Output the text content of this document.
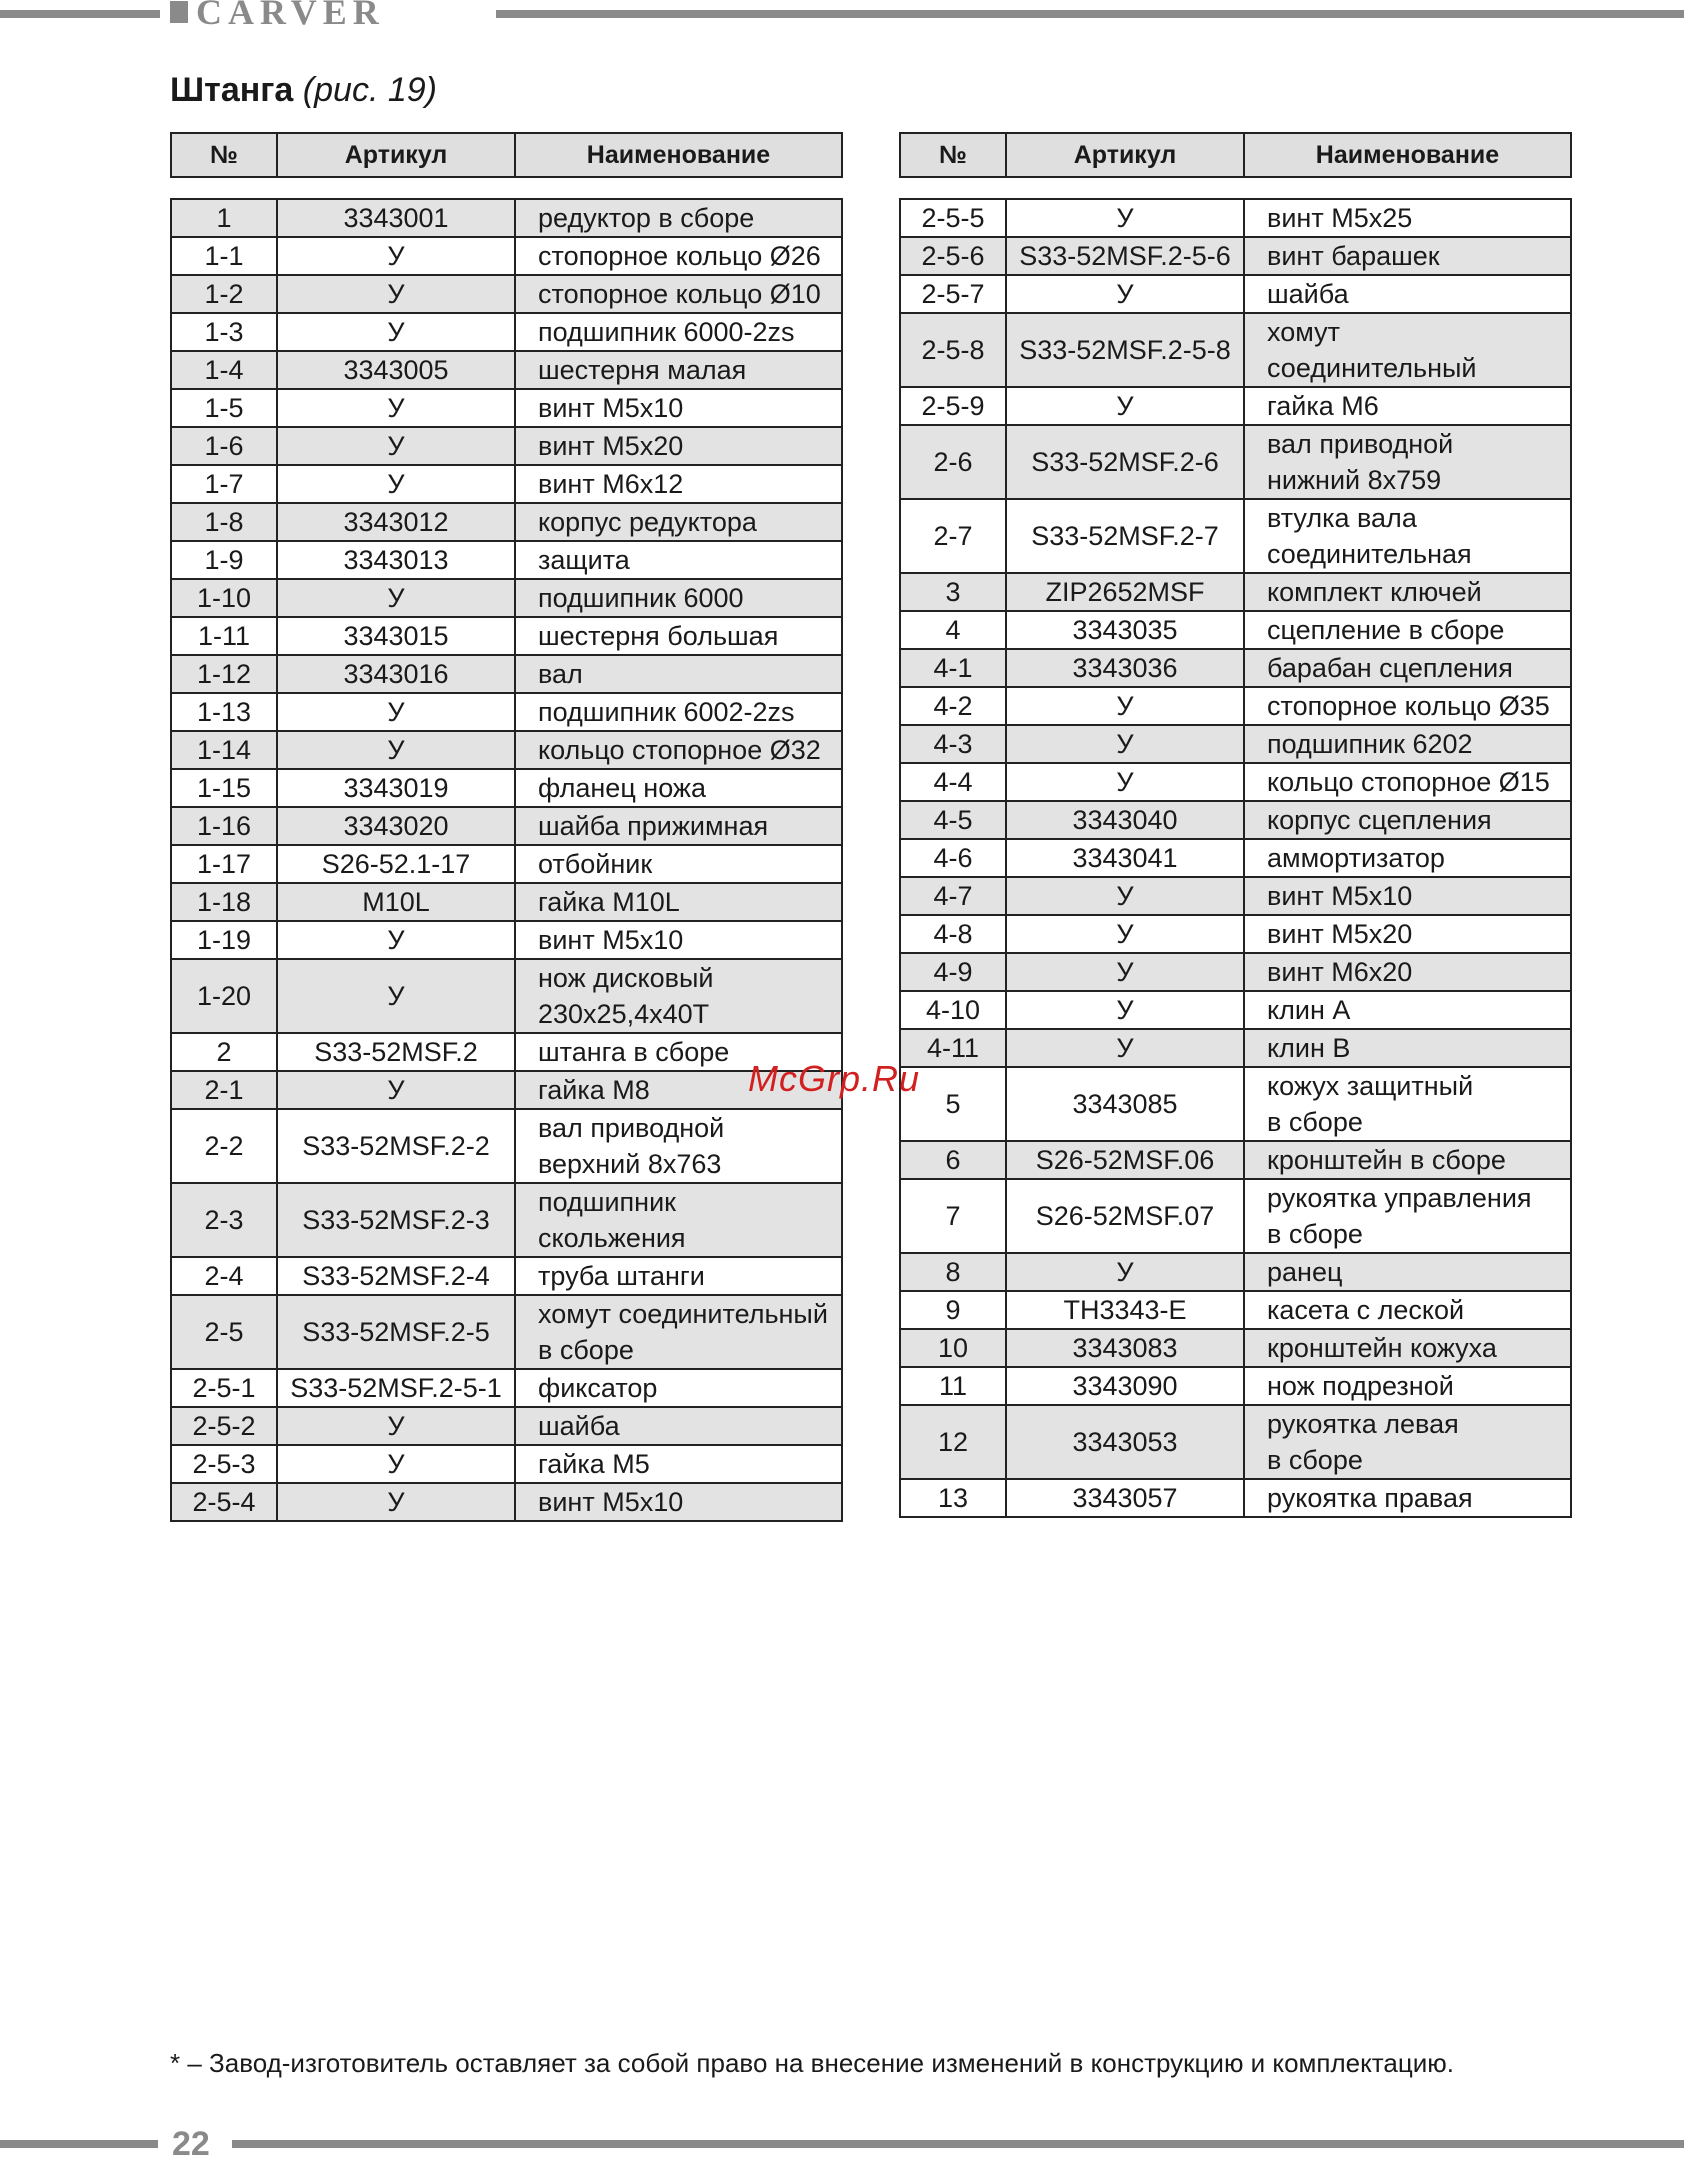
CARVER
Штанга (рис. 19)
№	Артикул	Наименование

1	3343001	редуктор в сборе
1-1	У	стопорное кольцо Ø26
1-2	У	стопорное кольцо Ø10
1-3	У	подшипник 6000-2zs
1-4	3343005	шестерня малая
1-5	У	винт М5х10
1-6	У	винт М5х20
1-7	У	винт М6х12
1-8	3343012	корпус редуктора
1-9	3343013	защита
1-10	У	подшипник 6000
1-11	3343015	шестерня большая
1-12	3343016	вал
1-13	У	подшипник 6002-2zs
1-14	У	кольцо стопорное Ø32
1-15	3343019	фланец ножа
1-16	3343020	шайба прижимная
1-17	S26-52.1-17	отбойник
1-18	M10L	гайка M10L
1-19	У	винт М5х10
1-20	У	нож дисковый
230х25,4х40Т
2	S33-52MSF.2	штанга в сборе
2-1	У	гайка М8
2-2	S33-52MSF.2-2	вал приводной
верхний 8х763
2-3	S33-52MSF.2-3	подшипник
скольжения
2-4	S33-52MSF.2-4	труба штанги
2-5	S33-52MSF.2-5	хомут соединительный
в сборе
2-5-1	S33-52MSF.2-5-1	фиксатор
2-5-2	У	шайба
2-5-3	У	гайка М5
2-5-4	У	винт М5х10
№	Артикул	Наименование

2-5-5	У	винт М5х25
2-5-6	S33-52MSF.2-5-6	винт барашек
2-5-7	У	шайба
2-5-8	S33-52MSF.2-5-8	хомут
соединительный
2-5-9	У	гайка М6
2-6	S33-52MSF.2-6	вал приводной
нижний 8х759
2-7	S33-52MSF.2-7	втулка вала
соединительная
3	ZIP2652MSF	комплект ключей
4	3343035	сцепление в сборе
4-1	3343036	барабан сцепления
4-2	У	стопорное кольцо Ø35
4-3	У	подшипник 6202
4-4	У	кольцо стопорное Ø15
4-5	3343040	корпус сцепления
4-6	3343041	аммортизатор
4-7	У	винт М5х10
4-8	У	винт М5х20
4-9	У	винт М6х20
4-10	У	клин А
4-11	У	клин В
5	3343085	кожух защитный
в сборе
6	S26-52MSF.06	кронштейн в сборе
7	S26-52MSF.07	рукоятка управления
в сборе
8	У	ранец
9	TH3343-E	касета с леской
10	3343083	кронштейн кожуха
11	3343090	нож подрезной
12	3343053	рукоятка левая
в сборе
13	3343057	рукоятка правая
McGrp.Ru
* – Завод-изготовитель оставляет за собой право на внесение изменений в конструкцию и комплектацию.
22
